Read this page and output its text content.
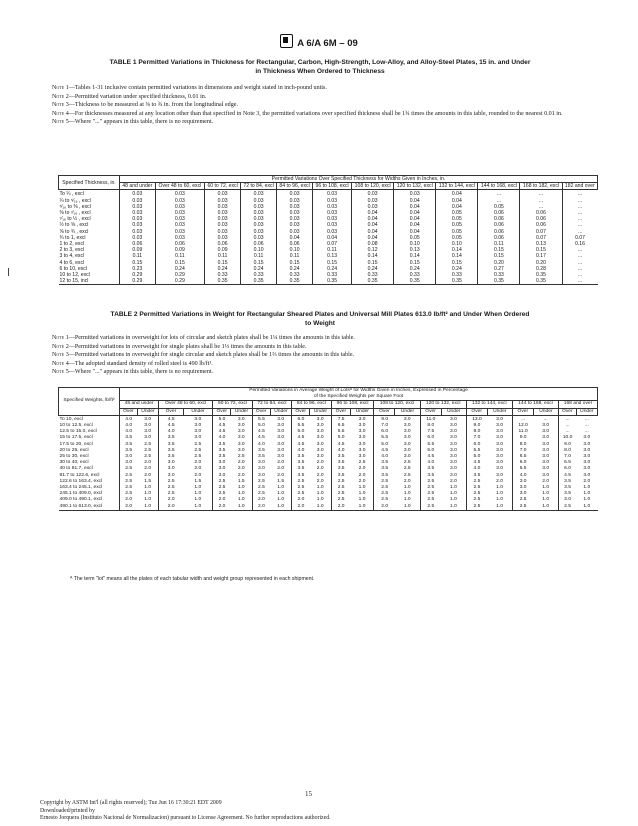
A 6/A 6M – 09
TABLE 1 Permitted Variations in Thickness for Rectangular, Carbon, High-Strength, Low-Alloy, and Alloy-Steel Plates, 15 in. and Under
in Thickness When Ordered to Thickness
Note 1—Tables 1-31 inclusive contain permitted variations in dimensions and weight stated in inch-pound units.
Note 2—Permitted variation under specified thickness, 0.01 in.
Note 3—Thickness to be measured at ⅜ to ¾ in. from the longitudinal edge.
Note 4—For thicknesses measured at any location other than that specified in Note 3, the permitted variations over specified thickness shall be 1¾ times the amounts in this table, rounded to the nearest 0.01 in.
Note 5—Where "..." appears in this table, there is no requirement.
Specified Thickness, in.	Permitted Variations Over Specified Thickness for Widths Given in Inches, in.											
	48 and under	Over 48 to 60, excl	60 to 72, excl	72 to 84, excl	84 to 96, excl	96 to 108, excl	108 to 120, excl	120 to 132, excl	132 to 144, excl	144 to 168, excl	168 to 182, excl	182 and over
To ¼ , excl	0.03	0.03	0.03	0.03	0.03	0.03	0.03	0.03	0.04	...	...	...
¼ to ⁵⁄₁₆ , excl	0.03	0.03	0.03	0.03	0.03	0.03	0.03	0.04	0.04	...	...	...
⁵⁄₁₆ to ⅜ , excl	0.03	0.03	0.03	0.03	0.03	0.03	0.03	0.04	0.04	0.05	...	...
⅜ to ⁷⁄₁₆ , excl	0.03	0.03	0.03	0.03	0.03	0.03	0.04	0.04	0.05	0.06	0.06	...
⁷⁄₁₆ to ½ , excl	0.03	0.03	0.03	0.03	0.03	0.03	0.04	0.04	0.05	0.06	0.06	...
½ to ⅝ , excl	0.03	0.03	0.03	0.03	0.03	0.03	0.04	0.04	0.05	0.06	0.06	...
⅝ to ¾ , excl	0.03	0.03	0.03	0.03	0.03	0.03	0.04	0.04	0.05	0.06	0.07	...
¾ to 1, excl	0.03	0.03	0.03	0.03	0.04	0.04	0.04	0.05	0.05	0.06	0.07	0.07
1 to 2, excl	0.06	0.06	0.06	0.06	0.06	0.07	0.08	0.10	0.10	0.11	0.13	0.16
2 to 3, excl	0.09	0.09	0.09	0.10	0.10	0.11	0.12	0.13	0.14	0.15	0.15	...
3 to 4, excl	0.11	0.11	0.11	0.11	0.11	0.13	0.14	0.14	0.14	0.15	0.17	...
4 to 6, excl	0.15	0.15	0.15	0.15	0.15	0.15	0.15	0.15	0.15	0.20	0.20	...
6 to 10, excl	0.23	0.24	0.24	0.24	0.24	0.24	0.24	0.24	0.24	0.27	0.28	...
10 to 12, excl	0.29	0.29	0.33	0.33	0.33	0.33	0.33	0.33	0.33	0.33	0.35	...
12 to 15, incl	0.29	0.29	0.35	0.35	0.35	0.35	0.35	0.35	0.35	0.35	0.35	...
TABLE 2 Permitted Variations in Weight for Rectangular Sheared Plates and Universal Mill Plates 613.0 lb/ft² and Under When Ordered
to Weight
Note 1—Permitted variations in overweight for lots of circular and sketch plates shall be 1¼ times the amounts in this table.
Note 2—Permitted variations in overweight for single plates shall be 1⅓ times the amounts in this table.
Note 3—Permitted variations in overweight for single circular and sketch plates shall be 1⅔ times the amounts in this table.
Note 4—The adopted standard density of rolled steel is 490 lb/ft³.
Note 5—Where "..." appears in this table, there is no requirement.
Specified Weights, lb/ft²	Permitted Variations in Average Weight of Lotsᴬ for Widths Given in Inches, Expressed in Percentage
of the Specified Weights per Square Foot																					

	48 and under		Over 48 to 60, excl		60 to 72, excl		72 to 84, excl		84 to 96, excl		96 to 108, excl		108 to 120, excl		120 to 132, excl		132 to 144, excl		144 to 168, excl		168 and over	
	Over	Under	Over	Under	Over	Under	Over	Under	Over	Under	Over	Under	Over	Under	Over	Under	Over	Under	Over	Under	Over	Under
To 10, excl	4.0	3.0	4.5	3.0	5.0	3.0	5.5	3.0	6.0	3.0	7.5	3.0	9.0	3.0	11.0	3.0	13.0	3.0	...	...	...	...
10 to 12.5, excl	4.0	3.0	4.5	3.0	4.5	3.0	5.0	3.0	5.5	3.0	6.5	3.0	7.0	3.0	8.0	3.0	9.0	3.0	12.0	3.0	...	...
12.5 to 15.0, excl	4.0	3.0	4.0	3.0	4.5	3.0	4.5	3.0	5.0	3.0	5.5	3.0	6.0	3.0	7.5	3.0	8.0	3.0	11.0	3.0	...	...
15 to 17.5, excl	3.5	3.0	3.5	3.0	4.0	3.0	4.5	3.0	4.5	3.0	5.0	3.0	5.5	3.0	6.0	3.0	7.0	3.0	9.0	3.0	10.0	3.0
17.5 to 20, excl	3.5	2.5	3.5	2.5	3.5	3.0	4.0	3.0	4.5	3.0	4.5	3.0	5.0	3.0	5.5	3.0	6.0	3.0	8.0	3.0	9.0	3.0
20 to 25, excl	3.5	2.5	3.5	2.5	3.5	3.0	3.5	3.0	4.0	3.0	4.0	3.0	4.5	3.0	5.0	3.0	5.5	3.0	7.0	3.0	8.0	3.0
25 to 30, excl	3.0	2.5	3.5	2.5	3.5	2.5	3.5	3.0	3.5	3.0	3.5	3.0	4.0	3.0	4.5	3.0	5.0	3.0	6.5	3.0	7.0	3.0
30 to 40, excl	3.0	2.0	3.0	2.0	3.0	2.0	3.0	2.0	3.5	2.0	3.5	2.5	3.5	2.5	4.0	3.0	4.5	3.0	6.0	3.0	6.5	3.0
40 to 81.7, excl	2.5	2.0	3.0	2.0	3.0	2.0	3.0	2.0	3.5	2.0	3.5	2.0	3.5	2.5	3.5	3.0	4.0	3.0	5.5	3.0	6.0	3.0
81.7 to 122.6, excl	2.5	2.0	3.0	2.0	3.0	2.0	3.0	2.0	3.5	2.0	3.5	2.0	3.5	2.5	3.5	3.0	3.5	3.0	4.0	3.0	4.5	3.0
122.6 to 163.4, excl	2.5	1.5	2.5	1.5	2.5	1.5	2.5	1.5	2.5	2.0	2.5	2.0	2.5	2.0	2.5	2.0	2.5	2.0	3.0	2.0	3.5	2.0
163.4 to 245.1, excl	2.5	1.0	2.5	1.0	2.5	1.0	2.5	1.0	2.5	1.0	2.5	1.0	2.5	1.0	2.5	1.0	2.5	1.0	3.0	1.0	3.5	1.0
245.1 to 409.0, excl	2.5	1.0	2.5	1.0	2.5	1.0	2.5	1.0	2.5	1.0	2.5	1.0	2.5	1.0	2.5	1.0	2.5	1.0	3.0	1.0	3.5	1.0
409.0 to 490.1, excl	2.0	1.0	2.0	1.0	2.0	1.0	2.0	1.0	2.0	1.0	2.5	1.0	2.5	1.0	2.5	1.0	2.5	1.0	2.5	1.0	3.0	1.0
490.1 to 613.0, excl	2.0	1.0	2.0	1.0	2.0	1.0	2.0	1.0	2.0	1.0	2.0	1.0	2.0	1.0	2.5	1.0	2.5	1.0	2.5	1.0	2.5	1.0
ᴬ The term "lot" means all the plates of each tabular width and weight group represented in each shipment.
15
Copyright by ASTM Int'l (all rights reserved); Tue Jun 16 17:30:21 EDT 2009
Downloaded/printed by
Ernesto Jorquera (Instituto Nacional de Normalizacion) pursuant to License Agreement. No further reproductions authorized.
